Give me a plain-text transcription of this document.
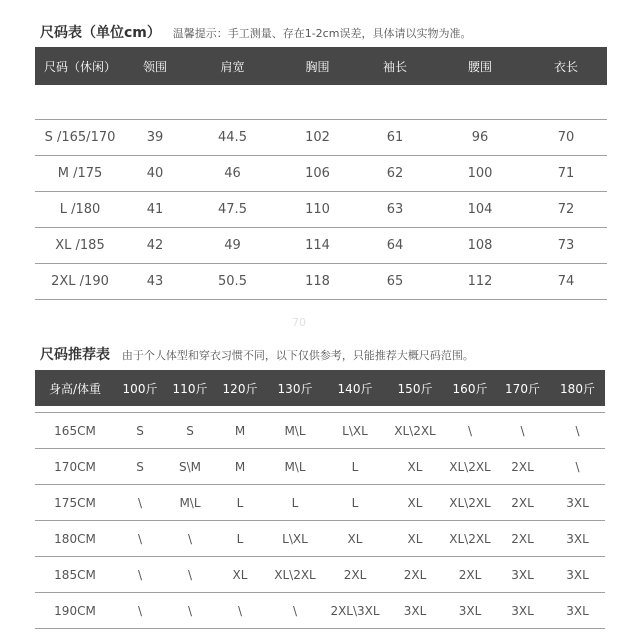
尺码表（单位cm） 温馨提示：手工测量、存在1-2cm误差，具体请以实物为准。
尺码（休闲）	领围	肩宽	胸围	袖长	腰围	衣长

S /165/170	39	44.5	102	61	96	70
M /175	40	46	106	62	100	71
L /180	41	47.5	110	63	104	72
XL /185	42	49	114	64	108	73
2XL /190	43	50.5	118	65	112	74
70
尺码推荐表 由于个人体型和穿衣习惯不同，以下仅供参考，只能推荐大概尺码范围。
身高/体重	100斤	110斤	120斤	130斤	140斤	150斤	160斤	170斤	180斤

165CM	S	S	M	M\L	L\XL	XL\2XL	\	\	\
170CM	S	S\M	M	M\L	L	XL	XL\2XL	2XL	\
175CM	\	M\L	L	L	L	XL	XL\2XL	2XL	3XL
180CM	\	\	L	L\XL	XL	XL	XL\2XL	2XL	3XL
185CM	\	\	XL	XL\2XL	2XL	2XL	2XL	3XL	3XL
190CM	\	\	\	\	2XL\3XL	3XL	3XL	3XL	3XL
